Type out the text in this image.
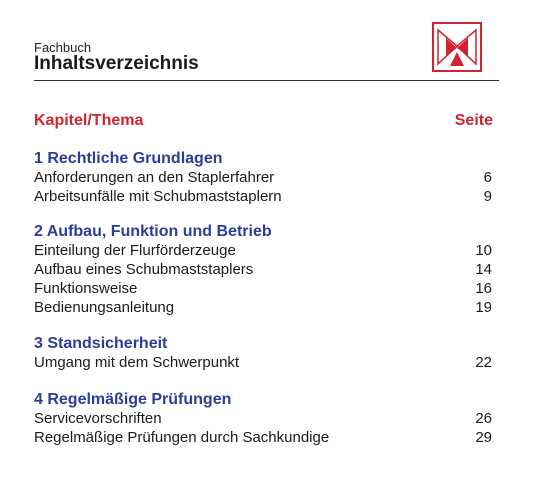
Fachbuch
Inhaltsverzeichnis
Kapitel/Thema	Seite
1 Rechtliche Grundlagen
Anforderungen an den Staplerfahrer	6
Arbeitsunfälle mit Schubmaststaplern	9
2 Aufbau, Funktion und Betrieb
Einteilung der Flurförderzeuge	10
Aufbau eines Schubmaststaplers	14
Funktionsweise	16
Bedienungsanleitung	19
3 Standsicherheit
Umgang mit dem Schwerpunkt	22
4 Regelmäßige Prüfungen
Servicevorschriften	26
Regelmäßige Prüfungen durch Sachkundige	29
